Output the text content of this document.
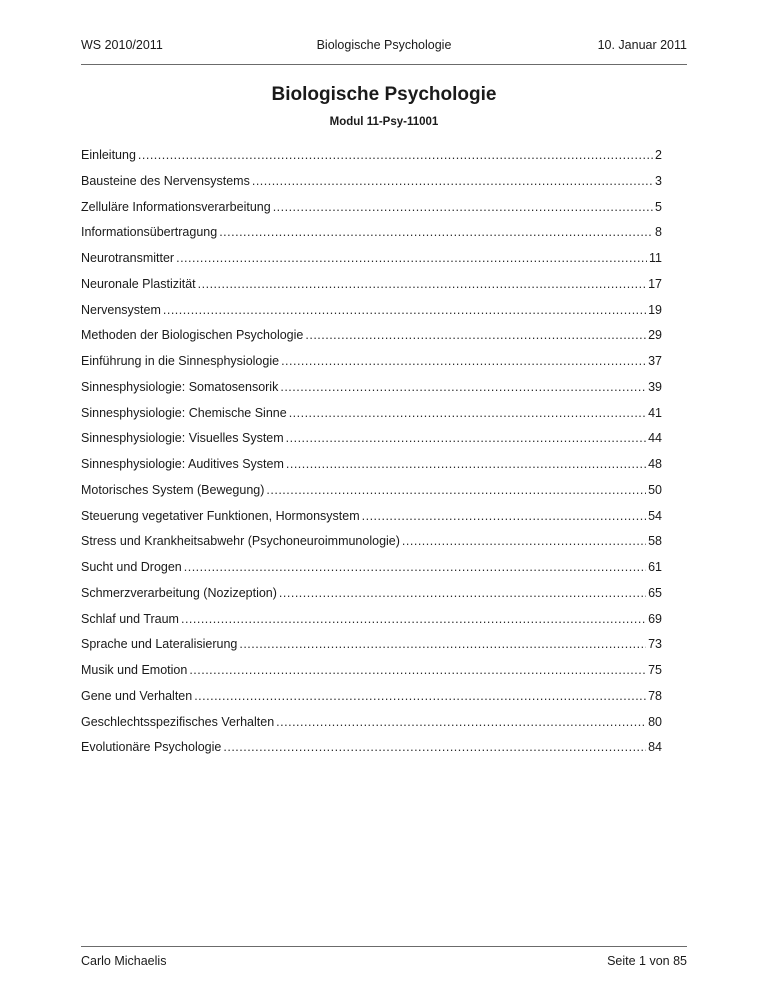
WS 2010/2011	Biologische Psychologie	10. Januar 2011
Biologische Psychologie
Modul 11-Psy-11001
Einleitung .....	2
Bausteine des Nervensystems .....	3
Zelluläre Informationsverarbeitung .....	5
Informationsübertragung .....	8
Neurotransmitter .....	11
Neuronale Plastizität .....	17
Nervensystem .....	19
Methoden der Biologischen Psychologie .....	29
Einführung in die Sinnesphysiologie .....	37
Sinnesphysiologie: Somatosensorik .....	39
Sinnesphysiologie: Chemische Sinne .....	41
Sinnesphysiologie: Visuelles System .....	44
Sinnesphysiologie: Auditives System .....	48
Motorisches System (Bewegung) .....	50
Steuerung vegetativer Funktionen, Hormonsystem .....	54
Stress und Krankheitsabwehr (Psychoneuroimmunologie) .....	58
Sucht und Drogen .....	61
Schmerzverarbeitung (Nozizeption) .....	65
Schlaf und Traum .....	69
Sprache und Lateralisierung .....	73
Musik und Emotion .....	75
Gene und Verhalten .....	78
Geschlechtsspezifisches Verhalten .....	80
Evolutionäre Psychologie .....	84
Carlo Michaelis	Seite 1 von 85
